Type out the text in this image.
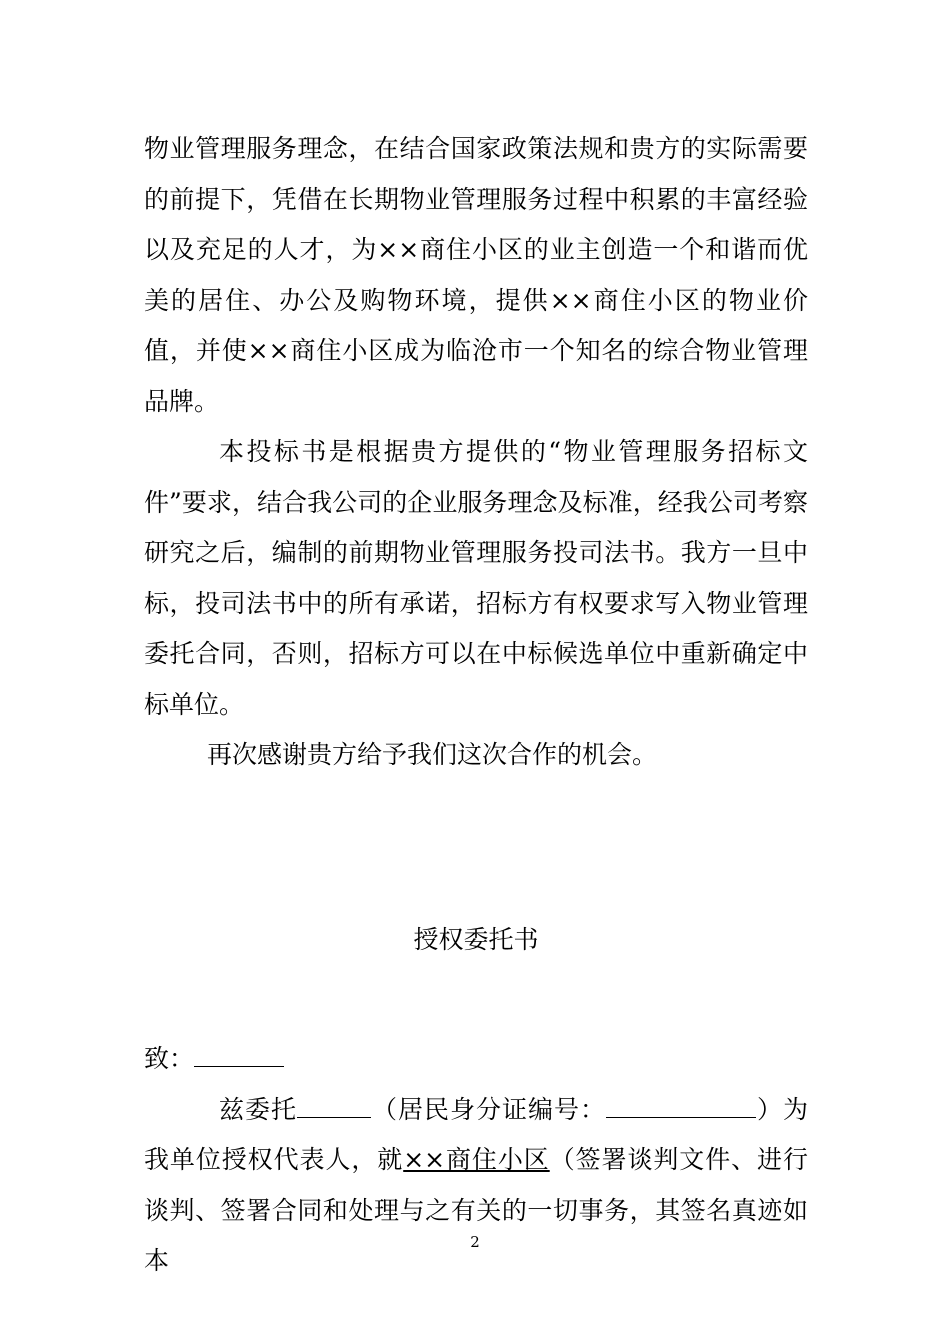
物业管理服务理念，在结合国家政策法规和贵方的实际需要的前提下，凭借在长期物业管理服务过程中积累的丰富经验以及充足的人才，为××商住小区的业主创造一个和谐而优美的居住、办公及购物环境，提供××商住小区的物业价值，并使××商住小区成为临沧市一个知名的综合物业管理品牌。

本投标书是根据贵方提供的“物业管理服务招标文件”要求，结合我公司的企业服务理念及标准，经我公司考察研究之后，编制的前期物业管理服务投司法书。我方一旦中标，投司法书中的所有承诺，招标方有权要求写入物业管理委托合同，否则，招标方可以在中标候选单位中重新确定中标单位。

再次感谢贵方给予我们这次合作的机会。

授权委托书

致：

兹委托	（居民身分证编号：	）为我单位授权代表人，就××商住小区（签署谈判文件、进行谈判、签署合同和处理与之有关的一切事务，其签名真迹如本

2
